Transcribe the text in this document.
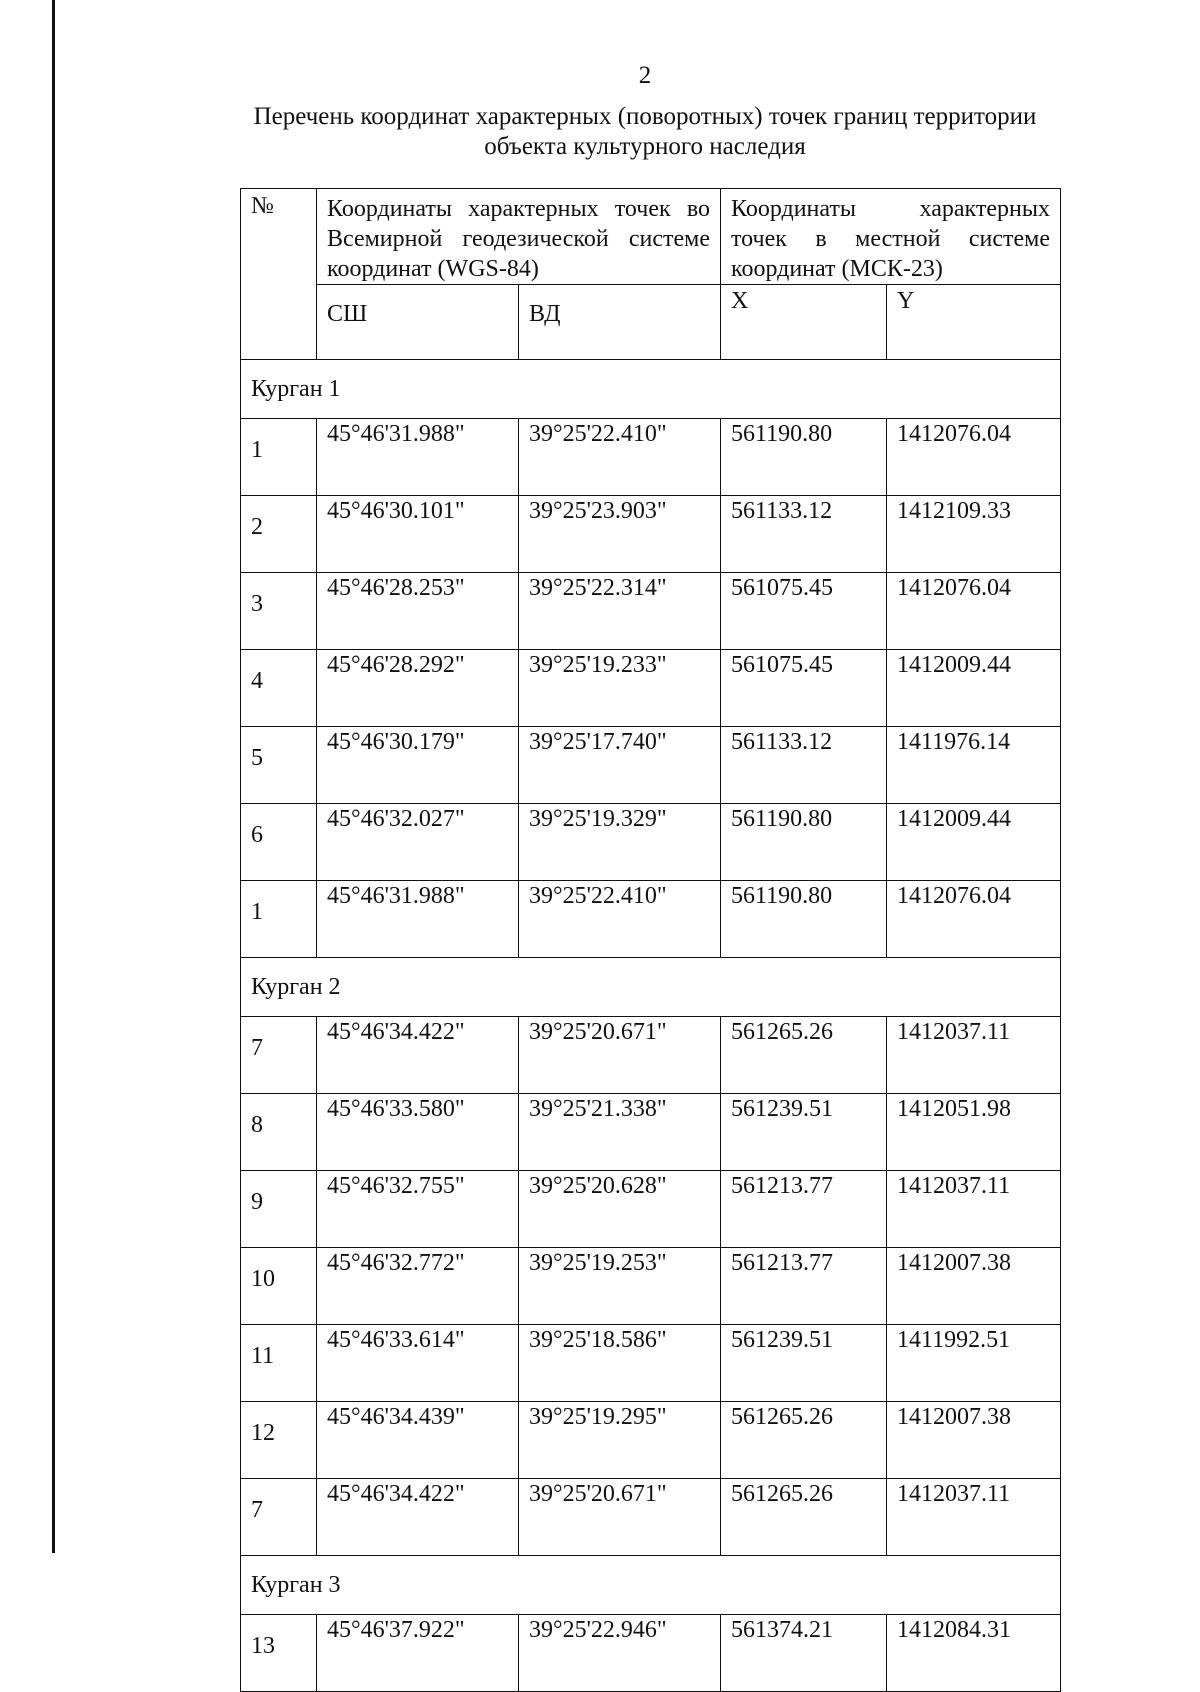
2
Перечень координат характерных (поворотных) точек границ территории
объекта культурного наследия
№	Координаты характерных точек во Всемирной геодезической системе координат (WGS-84)		Координаты характерных точек в местной системе координат (МСК-23)	
	СШ	ВД	X	Y
Курган 1				
1	45°46'31.988"	39°25'22.410"	561190.80	1412076.04
2	45°46'30.101"	39°25'23.903"	561133.12	1412109.33
3	45°46'28.253"	39°25'22.314"	561075.45	1412076.04
4	45°46'28.292"	39°25'19.233"	561075.45	1412009.44
5	45°46'30.179"	39°25'17.740"	561133.12	1411976.14
6	45°46'32.027"	39°25'19.329"	561190.80	1412009.44
1	45°46'31.988"	39°25'22.410"	561190.80	1412076.04
Курган 2				
7	45°46'34.422"	39°25'20.671"	561265.26	1412037.11
8	45°46'33.580"	39°25'21.338"	561239.51	1412051.98
9	45°46'32.755"	39°25'20.628"	561213.77	1412037.11
10	45°46'32.772"	39°25'19.253"	561213.77	1412007.38
11	45°46'33.614"	39°25'18.586"	561239.51	1411992.51
12	45°46'34.439"	39°25'19.295"	561265.26	1412007.38
7	45°46'34.422"	39°25'20.671"	561265.26	1412037.11
Курган 3				
13	45°46'37.922"	39°25'22.946"	561374.21	1412084.31
